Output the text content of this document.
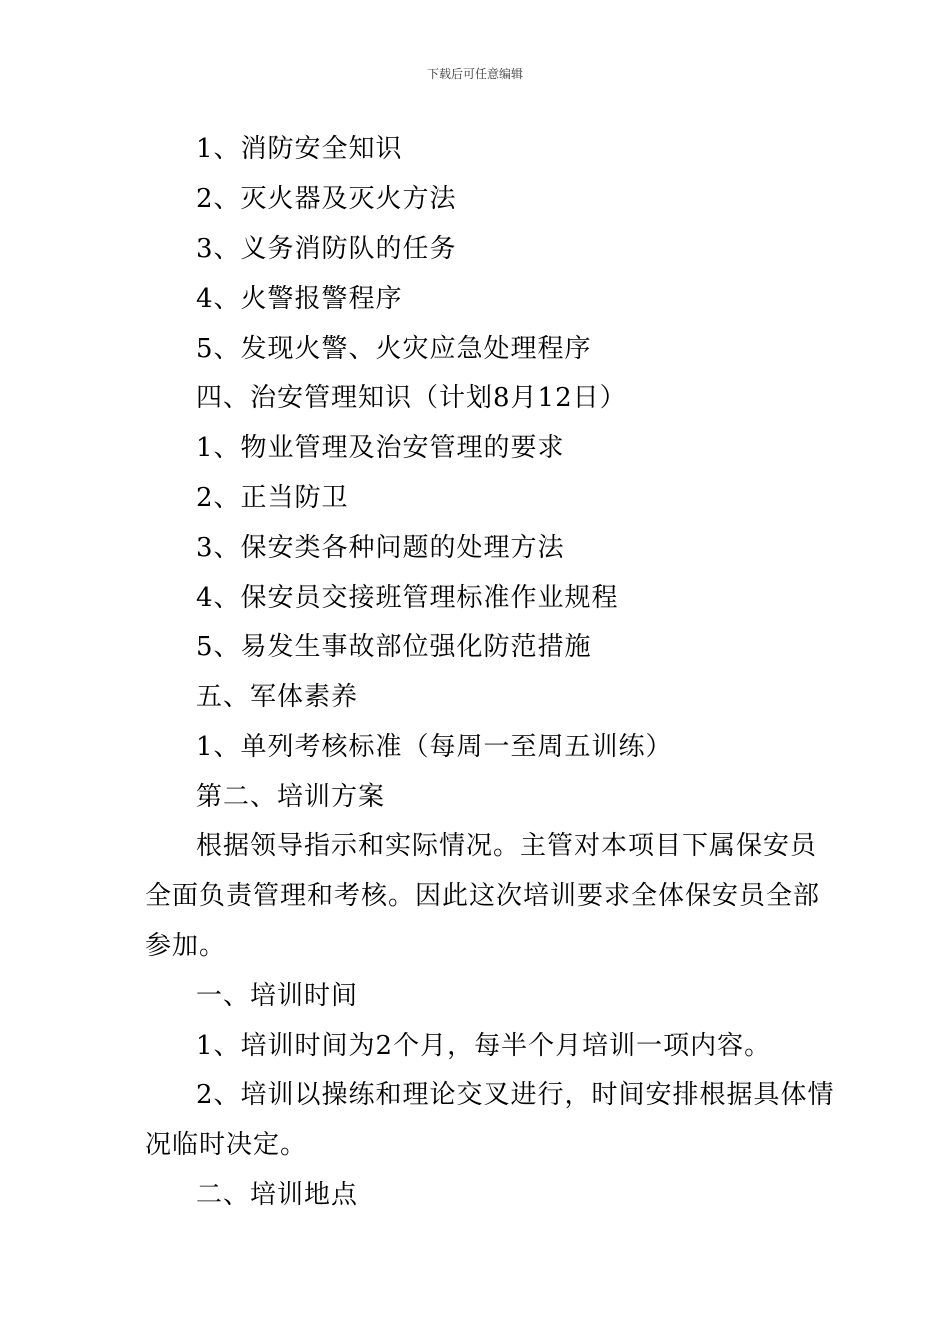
下载后可任意编辑

1、消防安全知识

2、灭火器及灭火方法

3、义务消防队的任务

4、火警报警程序

5、发现火警、火灾应急处理程序

四、治安管理知识（计划8月12日）

1、物业管理及治安管理的要求

2、正当防卫

3、保安类各种问题的处理方法

4、保安员交接班管理标准作业规程

5、易发生事故部位强化防范措施

五、军体素养

1、单列考核标准（每周一至周五训练）

第二、培训方案

根据领导指示和实际情况。主管对本项目下属保安员

全面负责管理和考核。因此这次培训要求全体保安员全部

参加。

一、培训时间

1、培训时间为2个月，每半个月培训一项内容。

2、培训以操练和理论交叉进行，时间安排根据具体情

况临时决定。

二、培训地点
